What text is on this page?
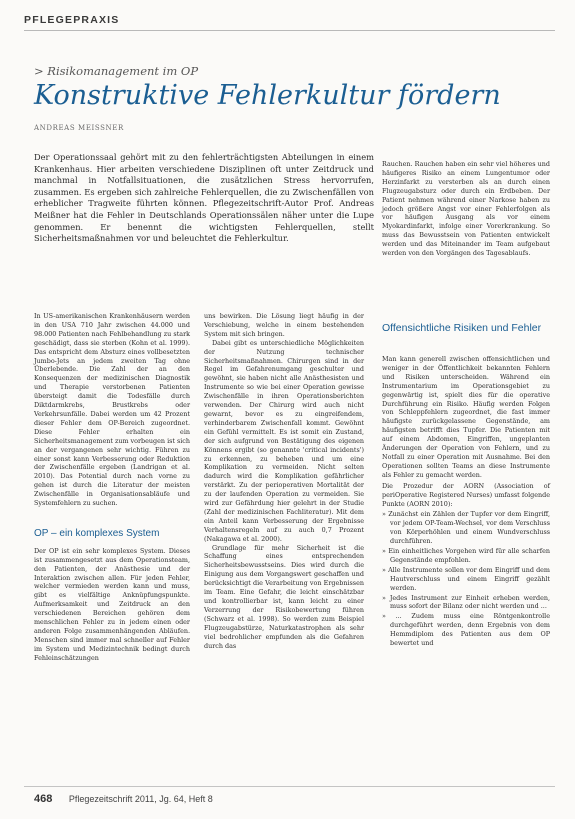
PFLEGEPRAXIS
> Risikomanagement im OP
Konstruktive Fehlerkultur fördern
ANDREAS MEISSNER
Der Operationssaal gehört mit zu den fehlerträchtigsten Abteilungen in einem Krankenhaus. Hier arbeiten verschiedene Disziplinen oft unter Zeitdruck und manchmal in Notfallsituationen, die zusätzlichen Stress hervorrufen, zusammen. Es ergeben sich zahlreiche Fehlerquellen, die zu Zwischenfällen von erheblicher Tragweite führten können. Pflegezeitschrift-Autor Prof. Andreas Meißner hat die Fehler in Deutschlands Operationssälen näher unter die Lupe genommen. Er benennt die wichtigsten Fehlerquellen, stellt Sicherheitsmaßnahmen vor und beleuchtet die Fehlerkultur.

Rauchen. Rauchen haben ein sehr viel höheres und häufigeres Risiko an einem Lungentumor oder Herzinfarkt zu versterben als an durch einen Flugzeugabsturz oder durch ein Erdbeben. Der Patient nehmen während einer Narkose haben zu jedoch größere Angst vor einer Fehlerfolgen als vor häufigen Ausgang als vor einem Myokardinfarkt, infolge einer Vorerkrankung. So muss das Bewusstsein von Patienten entwickelt werden und das Miteinander im Team aufgebaut werden von den Vorgängen des Tagesablaufs.

Offensichtliche Risiken und Fehler

Man kann generell zwischen offensichtlichen und weniger in der Öffentlichkeit bekannten Fehlern und Risiken unterscheiden. Während ein Instrumentarium im Operationsgebiet zu gegenwärtig ist, spielt dies für die operative Durchführung ein Risiko. Häufig werden Folgen von Schleppfehlern zugeordnet, die fast immer häufigste zurückgelassene Gegenstände, am häufigsten betrifft dies Tupfer. Die Patienten mit auf einem Abdomen, Eingriffen, ungeplanten Änderungen der Operation von Fehlern, und zu Notfall zu einer Operation mit Ausnahme. Bei den Operationen sollten Teams an diese Instrumente als Fehler zu gemacht werden.

Die Prozedur der AORN (Association of periOperative Registered Nurses) umfasst folgende Punkte (AORN 2010):

» Zunächst ein Zählen der Tupfer vor dem Eingriff, vor jedem OP-Team-Wechsel, vor dem Verschluss von Körperhöhlen und einem Wundverschluss durchführen.
» Ein einheitliches Vorgehen wird für alle scharfen Gegenstände empfohlen.
» Alle Instrumente sollen vor dem Eingriff und dem Hautverschluss und einem Eingriff gezählt werden.
» Jedes Instrument zur Einheit erheben werden, muss sofort der Bilanz oder nicht werden und ...
» ... Zudem muss eine Röntgenkontrolle durchgeführt werden, denn Ergebnis von dem Hemmdiplom des Patienten aus dem OP bewertet und

In US-amerikanischen Krankenhäusern werden in den USA 710 Jahr zwischen 44.000 und 98.000 Patienten nach Fehlbehandlung zu stark geschädigt, dass sie sterben (Kohn et al. 1999). Das entspricht dem Absturz eines vollbesetzten Jumbo-Jets an jedem zweiten Tag ohne Überlebende. Die Zahl der an den Konsequenzen der medizinischen Diagnostik und Therapie verstorbenen Patienten übersteigt damit die Todesfälle durch Diktdarmkrebs, Brustkrebs oder Verkehrsunfälle. Dabei werden um 42 Prozent dieser Fehler dem OP-Bereich zugeordnet. Diese Fehler erhalten ein Sicherheitsmanagement zum vorbeugen ist sich an der vergangenen sehr wichtig. Führen zu einer sonst kann Verbesserung oder Reduktion der Zwischenfälle ergeben (Landrigan et al. 2010). Das Potential durch nach vorne zu gehen ist durch die Literatur der meisten Zwischenfälle in Organisationsabläufe und Systemfehlern zu suchen.

OP – ein komplexes System

Der OP ist ein sehr komplexes System. Dieses ist zusammengesetzt aus dem Operationsteam, den Patienten, der Anästhesie und der Interaktion zwischen allen. Für jeden Fehler, welcher vermieden werden kann und muss, gibt es vielfältige Anknüpfungspunkte. Aufmerksamkeit und Zeitdruck an den verschiedenen Bereichen gehören dem menschlichen Fehler zu in jedem einen oder anderen Folge zusammenhängenden Abläufen. Menschen sind immer mal schneller auf Fehler im System und Medizintechnik bedingt durch Fehleinschätzungen

uns bewirken. Die Lösung liegt häufig in der Verschiebung, welche in einem bestehenden System mit sich bringen.

Dabei gibt es unterschiedliche Möglichkeiten der Nutzung technischer Sicherheitsmaßnahmen. Chirurgen sind in der Regel im Gefahrenumgang geschulter und gewöhnt, sie haben nicht alle Anästhesisten und Instrumente so wie bei einer Operation gewisse Zwischenfälle in ihren Operationsberichten verwenden. Der Chirurg wird auch nicht gewarnt, bevor es zu eingreifendem, verhinderbarem Zwischenfall kommt. Gewöhnt ein Gefühl vermittelt. Es ist somit ein Zustand, der sich aufgrund von Bestätigung des eigenen Könnens ergibt (so genannte 'critical incidents') zu erkennen, zu beheben und um eine Komplikation zu vermeiden. Nicht selten dadurch wird die Komplikation gefährlicher verstärkt. Zu der perioperativen Mortalität der zu der laufenden Operation zu vermeiden. Sie wird zur Gefährdung hier gelehrt in der Studie (Zahl der medizinischen Fachliteratur). Mit dem ein Anteil kann Verbesserung der Ergebnisse Verhaltensregeln auf zu auch 0,7 Prozent (Nakagawa et al. 2000).

Grundlage für mehr Sicherheit ist die Schaffung eines entsprechenden Sicherheitsbewusstseins. Dies wird durch die Einigung aus dem Vorgangswert geschaffen und berücksichtigt die Verarbeitung von Ergebnissen im Team. Eine Gefahr, die leicht einschätzbar und kontrollierbar ist, kann leicht zu einer Verzerrung der Risikobewertung führen (Schwarz et al. 1998). So werden zum Beispiel Flugzeugabstürze, Naturkatastrophen als sehr viel bedrohlicher empfunden als die Gefahren durch das

468 Pflegezeitschrift 2011, Jg. 64, Heft 8
